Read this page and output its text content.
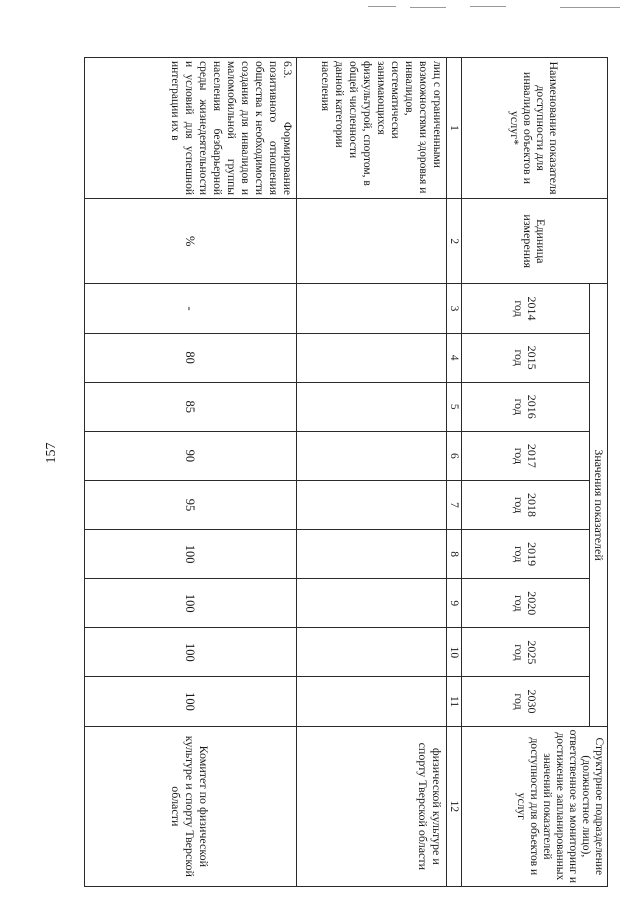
157
Наименование показателя доступности для инвалидов объектов и услуг*	Единица измерения	Значения показателей									Структурное подразделение (должностное лицо), ответственное за мониторинг и достижение запланированных значений показателей доступности для объектов и услуг
		2014 год	2015 год	2016 год	2017 год	2018 год	2019 год	2020 год	2025 год	2030 год	
1	2	3	4	5	6	7	8	9	10	11	12
лиц с ограниченными возможностями здоровья и инвалидов, систематически занимающихся физкультурой, спортом, в общей численности данной категории населения											физической культуре и спорту Тверской области
6.3. Формирование позитивного отношения общества к необходимости создания для инвалидов и маломобильной группы населения безбарьерной среды жизнедеятельности и условий для успешной интеграции их в	%	-	80	85	90	95	100	100	100	100	Комитет по физической культуре и спорту Тверской области
